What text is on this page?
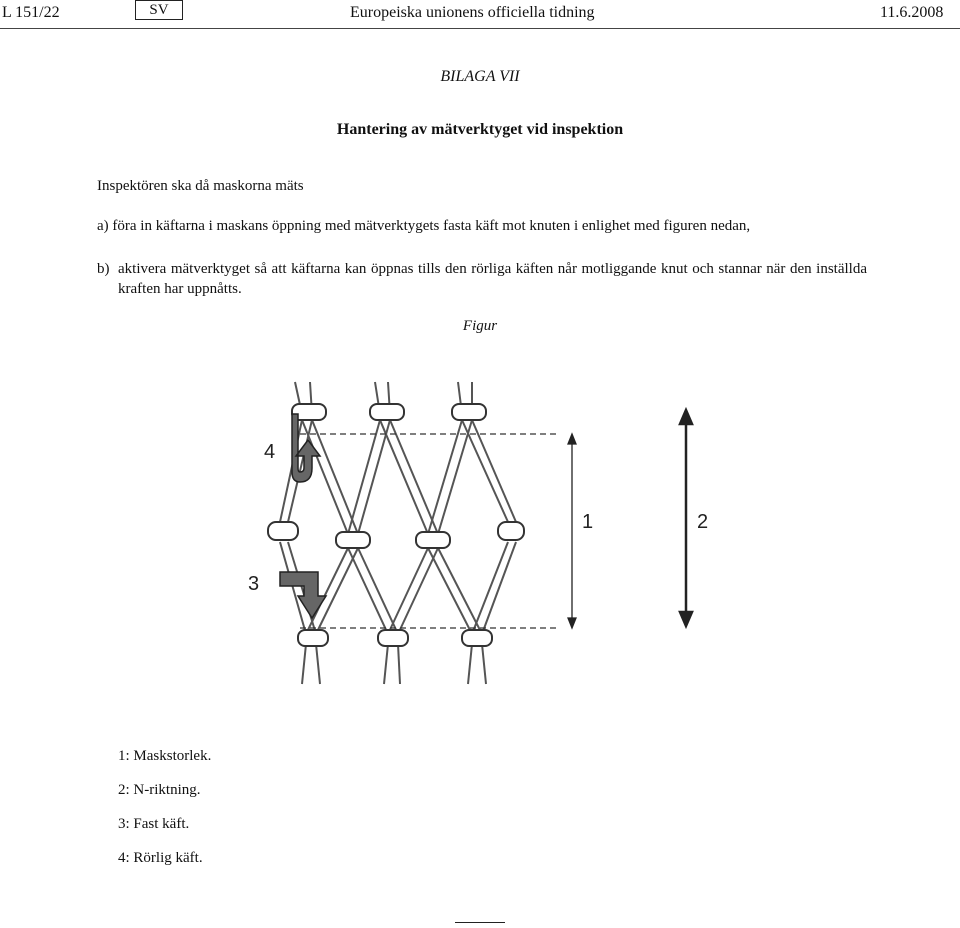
L 151/22	SV	Europeiska unionens officiella tidning	11.6.2008
BILAGA VII
Hantering av mätverktyget vid inspektion
Inspektören ska då maskorna mäts
a) föra in käftarna i maskans öppning med mätverktygets fasta käft mot knuten i enlighet med figuren nedan,
b) aktivera mätverktyget så att käftarna kan öppnas tills den rörliga käften når motliggande knut och stannar när den inställda kraften har uppnåtts.
Figur
1	2
3
4
1: Maskstorlek.
2: N-riktning.
3: Fast käft.
4: Rörlig käft.
